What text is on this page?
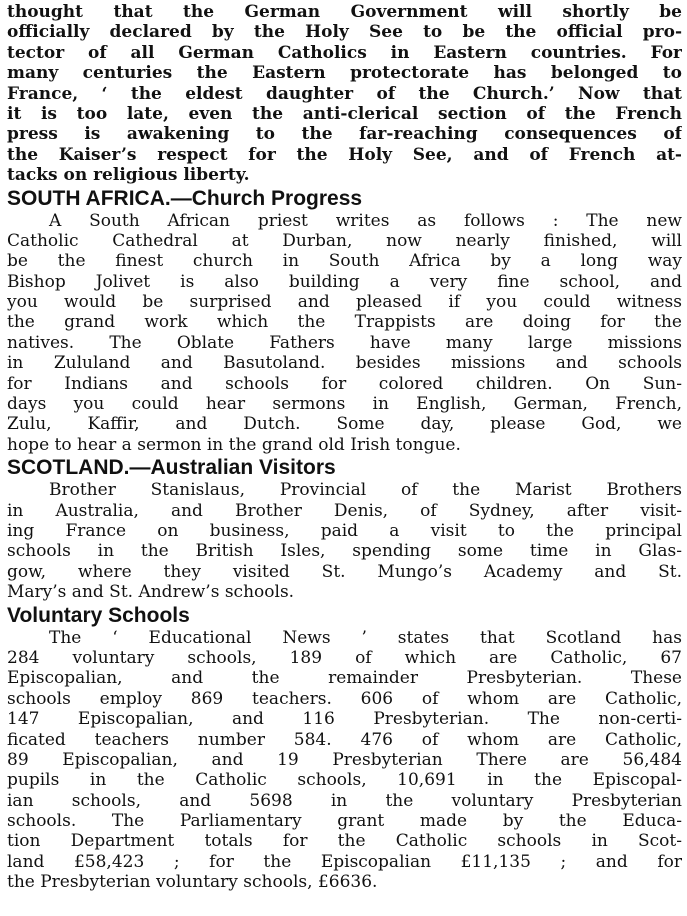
thought that the German Government will shortly be
officially declared by the Holy See to be the official pro-
tector of all German Catholics in Eastern countries. For
many centuries the Eastern protectorate has belonged to
France, ‘ the eldest daughter of the Church.’ Now that
it is too late, even the anti-clerical section of the French
press is awakening to the far-reaching consequences of
the Kaiser’s respect for the Holy See, and of French at-
tacks on religious liberty.
SOUTH AFRICA.—Church Progress
A South African priest writes as follows : The new
Catholic Cathedral at Durban, now nearly finished, will
be the finest church in South Africa by a long way
Bishop Jolivet is also building a very fine school, and
you would be surprised and pleased if you could witness
the grand work which the Trappists are doing for the
natives. The Oblate Fathers have many large missions
in Zululand and Basutoland. besides missions and schools
for Indians and schools for colored children. On Sun-
days you could hear sermons in English, German, French,
Zulu, Kaffir, and Dutch. Some day, please God, we
hope to hear a sermon in the grand old Irish tongue.
SCOTLAND.—Australian Visitors
Brother Stanislaus, Provincial of the Marist Brothers
in Australia, and Brother Denis, of Sydney, after visit-
ing France on business, paid a visit to the principal
schools in the British Isles, spending some time in Glas-
gow, where they visited St. Mungo’s Academy and St.
Mary’s and St. Andrew’s schools.
Voluntary Schools
The ‘ Educational News ’ states that Scotland has
284 voluntary schools, 189 of which are Catholic, 67
Episcopalian, and the remainder Presbyterian. These
schools employ 869 teachers. 606 of whom are Catholic,
147 Episcopalian, and 116 Presbyterian. The non-certi-
ficated teachers number 584. 476 of whom are Catholic,
89 Episcopalian, and 19 Presbyterian There are 56,484
pupils in the Catholic schools, 10,691 in the Episcopal-
ian schools, and 5698 in the voluntary Presbyterian
schools. The Parliamentary grant made by the Educa-
tion Department totals for the Catholic schools in Scot-
land £58,423 ; for the Episcopalian £11,135 ; and for
the Presbyterian voluntary schools, £6636.
